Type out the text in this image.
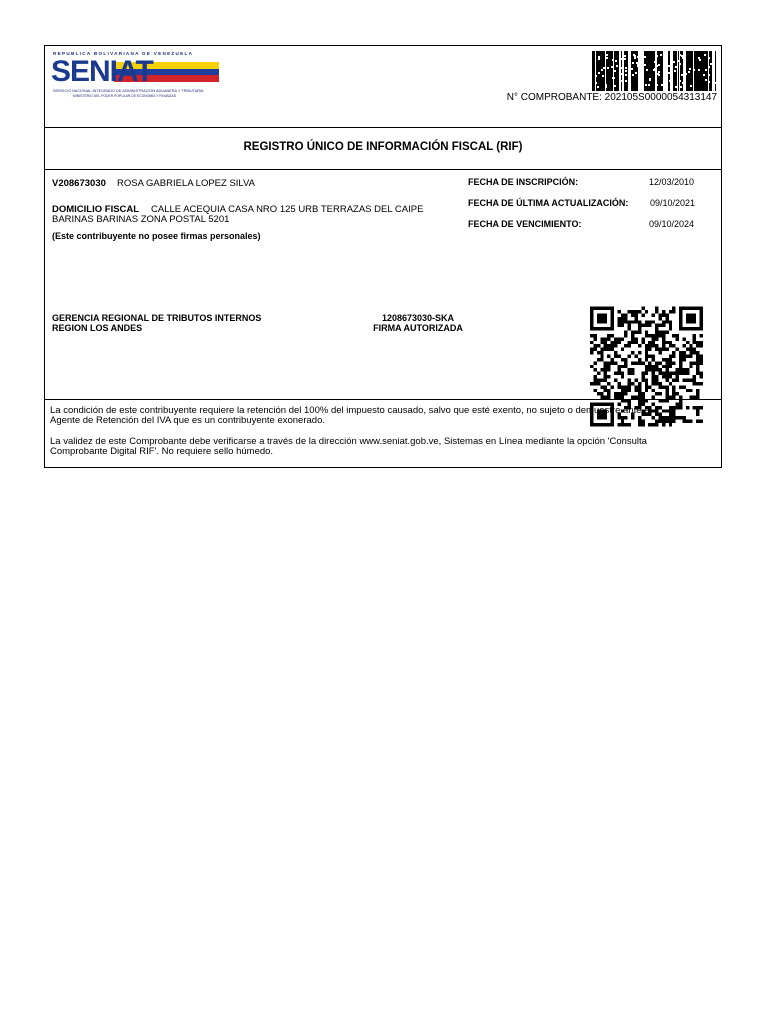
REPUBLICA BOLIVARIANA DE VENEZUELA
SENIAT
SERVICIO NACIONAL INTEGRADO DE ADMINISTRACIÓN ADUANERA Y TRIBUTARIA
MINISTERIO DEL PODER POPULAR DE ECONOMÍA Y FINANZAS	N° COMPROBANTE: 202105S0000054313147
REGISTRO ÚNICO DE INFORMACIÓN FISCAL (RIF)
V208673030 ROSA GABRIELA LOPEZ SILVA
DOMICILIO FISCAL CALLE ACEQUIA CASA NRO 125 URB TERRAZAS DEL CAIPE
BARINAS BARINAS ZONA POSTAL 5201
(Este contribuyente no posee firmas personales)
FECHA DE INSCRIPCIÓN:	12/03/2010
FECHA DE ÚLTIMA ACTUALIZACIÓN: 09/10/2021
FECHA DE VENCIMIENTO:	09/10/2024
GERENCIA REGIONAL DE TRIBUTOS INTERNOS
REGION LOS ANDES
1208673030-SKA
FIRMA AUTORIZADA
La condición de este contribuyente requiere la retención del 100% del impuesto causado, salvo que esté exento, no sujeto o demuestre ante el
Agente de Retención del IVA que es un contribuyente exonerado.
La validez de este Comprobante debe verificarse a través de la dirección www.seniat.gob.ve, Sistemas en Línea mediante la opción 'Consulta
Comprobante Digital RIF'. No requiere sello húmedo.
